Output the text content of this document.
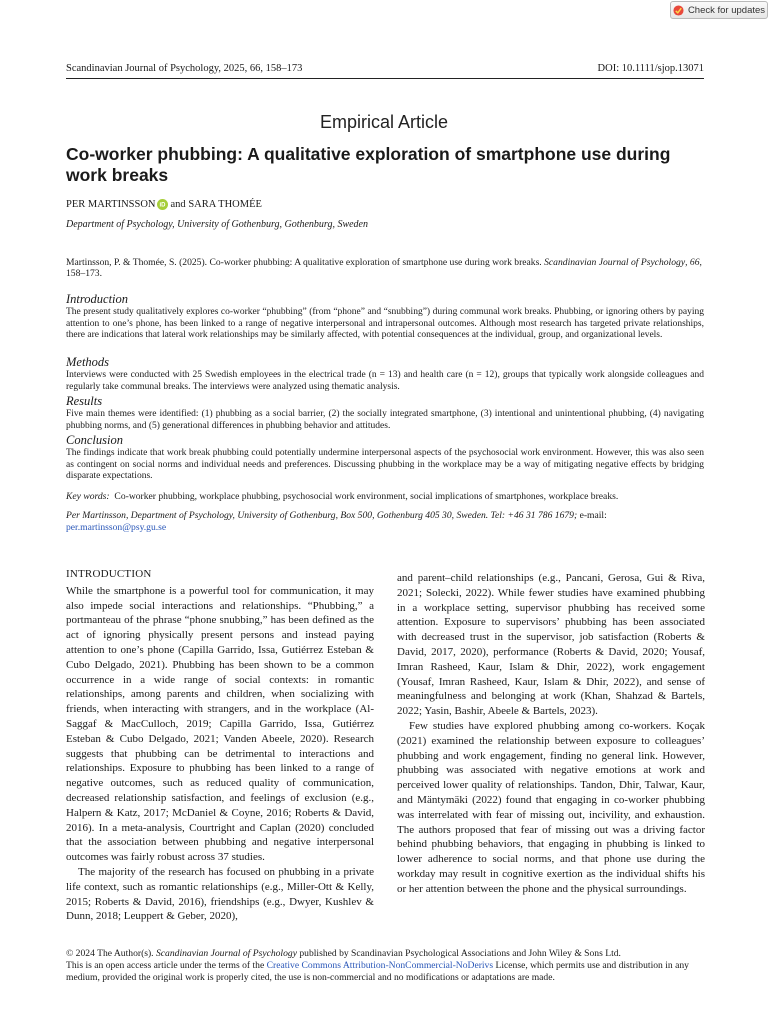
Check for updates
Scandinavian Journal of Psychology, 2025, 66, 158–173	DOI: 10.1111/sjop.13071
Empirical Article
Co-worker phubbing: A qualitative exploration of smartphone use during work breaks
PER MARTINSSON iD and
SARA THOMÉE
Department of Psychology, University of Gothenburg, Gothenburg, Sweden
Martinsson, P. & Thomée, S. (2025). Co-worker phubbing: A qualitative exploration of smartphone use during work breaks. Scandinavian Journal of Psychology, 66, 158–173.
Introduction

The present study qualitatively explores co-worker “phubbing” (from “phone” and “snubbing”) during communal work breaks. Phubbing, or ignoring others by paying attention to one’s phone, has been linked to a range of negative interpersonal and intrapersonal outcomes. Although most research has targeted private relationships, there are indications that lateral work relationships may be similarly affected, with potential consequences at the individual, group, and organizational levels.

Methods

Interviews were conducted with 25 Swedish employees in the electrical trade (n = 13) and health care (n = 12), groups that typically work alongside colleagues and regularly take communal breaks. The interviews were analyzed using thematic analysis.

Results

Five main themes were identified: (1) phubbing as a social barrier, (2) the socially integrated smartphone, (3) intentional and unintentional phubbing, (4) navigating phubbing norms, and (5) generational differences in phubbing behavior and attitudes.

Conclusion

The findings indicate that work break phubbing could potentially undermine interpersonal aspects of the psychosocial work environment. However, this was also seen as contingent on social norms and individual needs and preferences. Discussing phubbing in the workplace may be a way of mitigating negative effects by bridging disparate expectations.

Key words: Co-worker phubbing, workplace phubbing, psychosocial work environment, social implications of smartphones, workplace breaks.
Per Martinsson, Department of Psychology, University of Gothenburg, Box 500, Gothenburg 405 30, Sweden. Tel: +46 31 786 1679; e-mail: per.martinsson@psy.gu.se
INTRODUCTION

While the smartphone is a powerful tool for communication, it may also impede social interactions and relationships. “Phubbing,” a portmanteau of the phrase “phone snubbing,” has been defined as the act of ignoring physically present persons and instead paying attention to one’s phone (Capilla Garrido, Issa, Gutiérrez Esteban & Cubo Delgado, 2021). Phubbing has been shown to be a common occurrence in a wide range of social contexts: in romantic relationships, among parents and children, when socializing with friends, when interacting with strangers, and in the workplace (Al-Saggaf & MacCulloch, 2019; Capilla Garrido, Issa, Gutiérrez Esteban & Cubo Delgado, 2021; Vanden Abeele, 2020). Research suggests that phubbing can be detrimental to interactions and relationships. Exposure to phubbing has been linked to a range of negative outcomes, such as reduced quality of communication, decreased relationship satisfaction, and feelings of exclusion (e.g., Halpern & Katz, 2017; McDaniel & Coyne, 2016; Roberts & David, 2016). In a meta-analysis, Courtright and Caplan (2020) concluded that the association between phubbing and negative interpersonal outcomes was fairly robust across 37 studies.

The majority of the research has focused on phubbing in a private life context, such as romantic relationships (e.g., Miller-Ott & Kelly, 2015; Roberts & David, 2016), friendships (e.g., Dwyer, Kushlev & Dunn, 2018; Leuppert & Geber, 2020),

and parent–child relationships (e.g., Pancani, Gerosa, Gui & Riva, 2021; Solecki, 2022). While fewer studies have examined phubbing in a workplace setting, supervisor phubbing has received some attention. Exposure to supervisors’ phubbing has been associated with decreased trust in the supervisor, job satisfaction (Roberts & David, 2017, 2020), performance (Roberts & David, 2020; Yousaf, Imran Rasheed, Kaur, Islam & Dhir, 2022), work engagement (Yousaf, Imran Rasheed, Kaur, Islam & Dhir, 2022), and sense of meaningfulness and belonging at work (Khan, Shahzad & Bartels, 2022; Yasin, Bashir, Abeele & Bartels, 2023).

Few studies have explored phubbing among co-workers. Koçak (2021) examined the relationship between exposure to colleagues’ phubbing and work engagement, finding no general link. However, phubbing was associated with negative emotions at work and perceived lower quality of relationships. Tandon, Dhir, Talwar, Kaur, and Mäntymäki (2022) found that engaging in co-worker phubbing was interrelated with fear of missing out, incivility, and exhaustion. The authors proposed that fear of missing out was a driving factor behind phubbing behaviors, that engaging in phubbing is linked to lower adherence to social norms, and that phone use during the workday may result in cognitive exertion as the individual shifts his or her attention between the phone and the physical surroundings.

© 2024 The Author(s). Scandinavian Journal of Psychology published by Scandinavian Psychological Associations and John Wiley & Sons Ltd.
This is an open access article under the terms of the Creative Commons Attribution-NonCommercial-NoDerivs License, which permits use and distribution in any medium, provided the original work is properly cited, the use is non-commercial and no modifications or adaptations are made.
